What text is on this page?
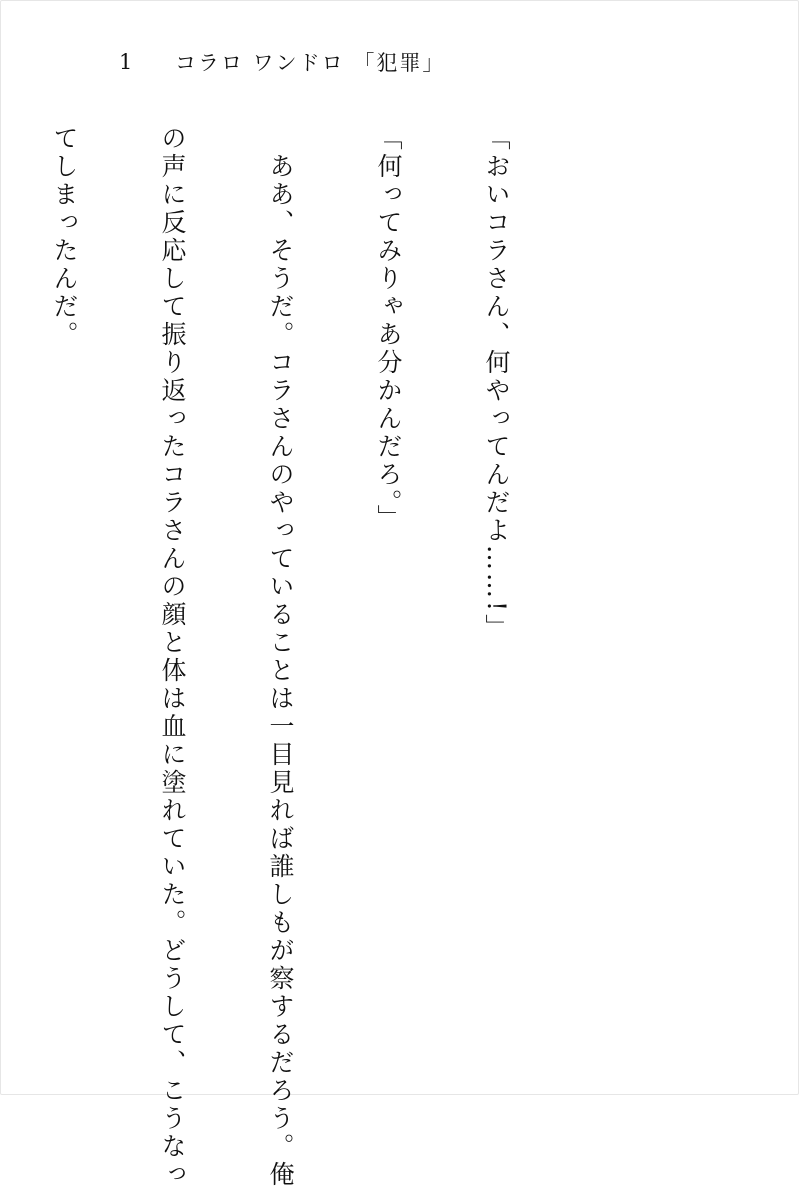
1	コラロ ワンドロ 「犯罪」

「おいコラさん、何やってんだよ……!」

「何ってみりゃあ分かんだろ。」

　ああ、そうだ。コラさんのやっていることは一目見れば誰しもが察するだろう。俺

の声に反応して振り返ったコラさんの顔と体は血に塗れていた。どうして、こうなっ

てしまったんだ。
